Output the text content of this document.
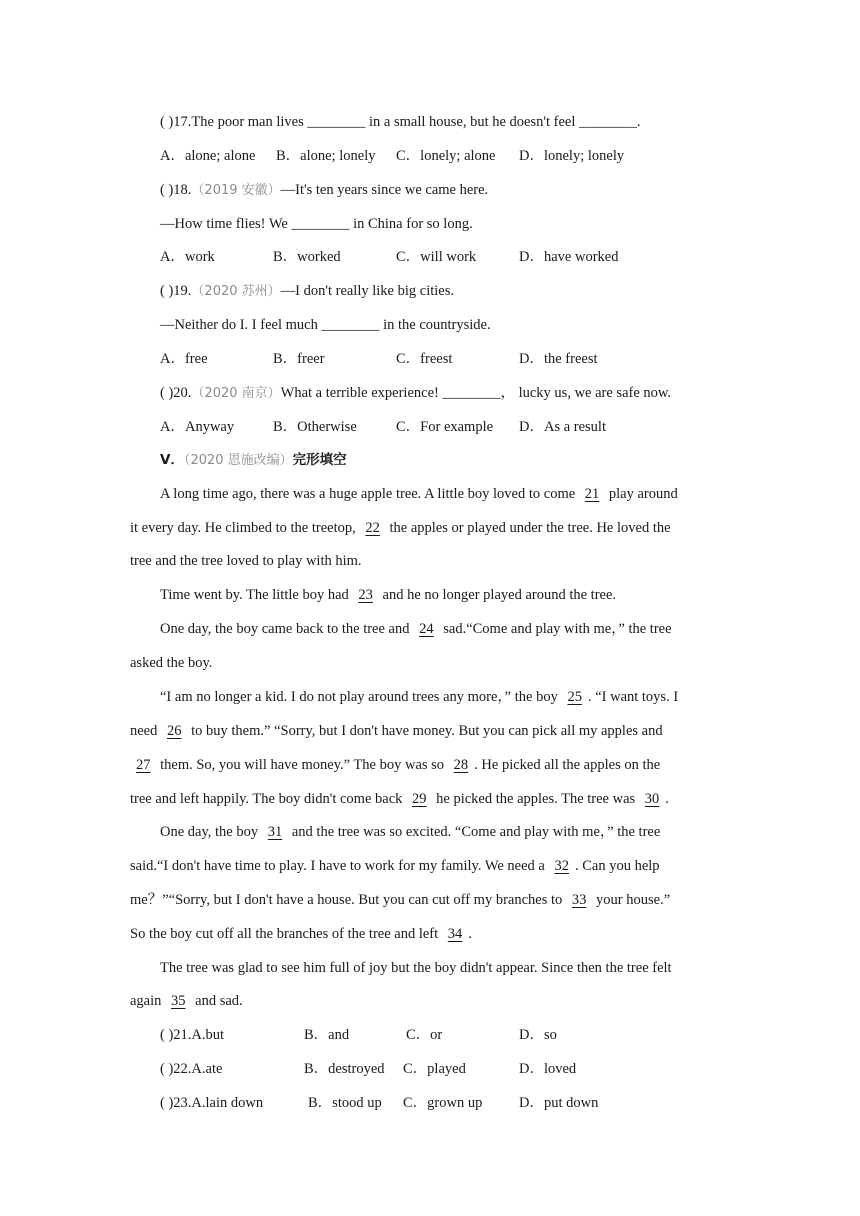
( )17.The poor man lives ________ in a small house, but he doesn't feel ________.
A．alone; alone B．alone; lonely C．lonely; alone D．lonely; lonely
( )18.（2019 安徽）—It's ten years since we came here.
—How time flies! We ________ in China for so long.
A．work	B．worked	C．will work	D．have worked
( )19.（2020 苏州）—I don't really like big cities.
—Neither do I. I feel much ________ in the countryside.
A．free	B．freer	C．freest	D．the freest
( )20.（2020 南京）What a terrible experience! ________， lucky us, we are safe now.
A．Anyway	B．Otherwise	C．For example D．As a result
Ⅴ．（2020 恩施改编）完形填空
A long time ago, there was a huge apple tree. A little boy loved to come 21 play around
it every day. He climbed to the treetop, 22 the apples or played under the tree. He loved the
tree and the tree loved to play with him.
Time went by. The little boy had 23 and he no longer played around the tree.
One day, the boy came back to the tree and 24 sad.“Come and play with me，” the tree
asked the boy.
“I am no longer a kid. I do not play around trees any more，” the boy 25 . “I want toys. I
need 26 to buy them.” “Sorry, but I don't have money. But you can pick all my apples and
27 them. So, you will have money.” The boy was so 28 . He picked all the apples on the
tree and left happily. The boy didn't come back 29 he picked the apples. The tree was 30 .
One day, the boy 31 and the tree was so excited. “Come and play with me，” the tree
said.“I don't have time to play. I have to work for my family. We need a 32 . Can you help
me？”“Sorry, but I don't have a house. But you can cut off my branches to 33 your house.”
So the boy cut off all the branches of the tree and left 34 .
The tree was glad to see him full of joy but the boy didn't appear. Since then the tree felt
again 35 and sad.
( )21.A.but	B．and	C．or	D．so
( )22.A.ate	B．destroyed C．played	D．loved
( )23.A.lain down	B．stood up C．grown up	D．put down
